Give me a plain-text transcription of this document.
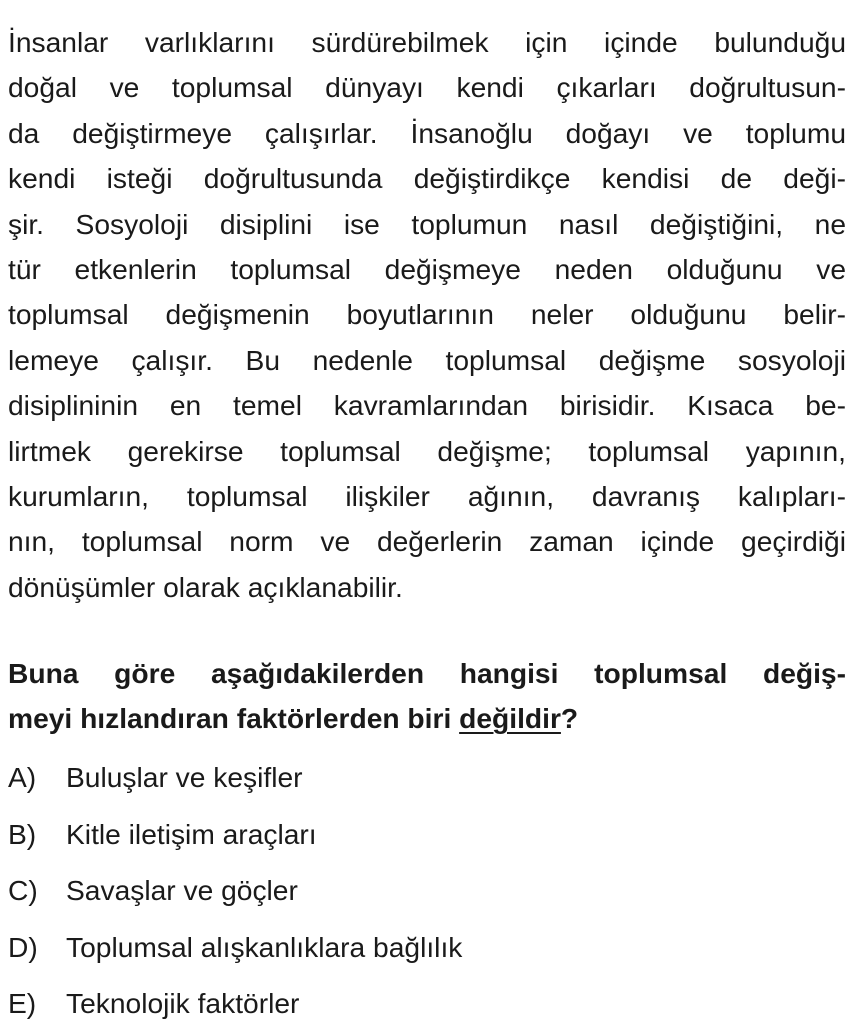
İnsanlar varlıklarını sürdürebilmek için içinde bulunduğu
doğal ve toplumsal dünyayı kendi çıkarları doğrultusun-
da değiştirmeye çalışırlar. İnsanoğlu doğayı ve toplumu
kendi isteği doğrultusunda değiştirdikçe kendisi de deği-
şir. Sosyoloji disiplini ise toplumun nasıl değiştiğini, ne
tür etkenlerin toplumsal değişmeye neden olduğunu ve
toplumsal değişmenin boyutlarının neler olduğunu belir-
lemeye çalışır. Bu nedenle toplumsal değişme sosyoloji
disiplininin en temel kavramlarından birisidir. Kısaca be-
lirtmek gerekirse toplumsal değişme; toplumsal yapının,
kurumların, toplumsal ilişkiler ağının, davranış kalıpları-
nın, toplumsal norm ve değerlerin zaman içinde geçirdiği
dönüşümler olarak açıklanabilir.
Buna göre aşağıdakilerden hangisi toplumsal değiş-
meyi hızlandıran faktörlerden biri değildir?
A)	Buluşlar ve keşifler
B)	Kitle iletişim araçları
C)	Savaşlar ve göçler
D)	Toplumsal alışkanlıklara bağlılık
E)	Teknolojik faktörler
